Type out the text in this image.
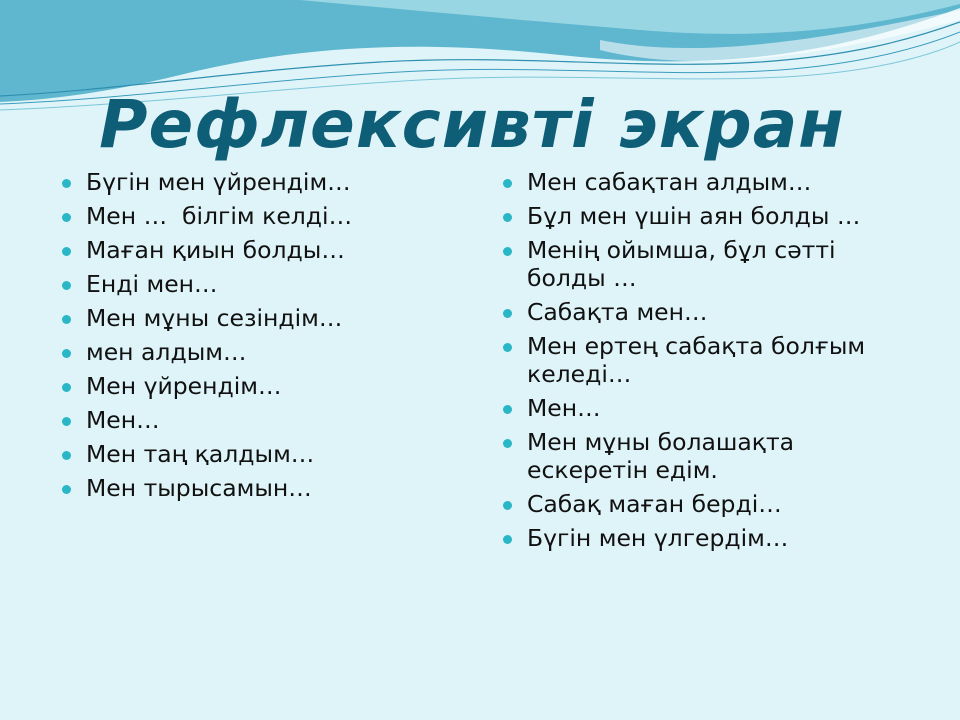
Рефлексивті экран
Бүгін мен үйрендім…
Мен …  білгім келді…
Маған қиын болды…
Енді мен…
Мен мұны сезіндім…
мен алдым…
Мен үйрендім…
Мен…
Мен таң қалдым…
Мен тырысамын…
Мен сабақтан алдым…
Бұл мен үшін аян болды …
Менің ойымша, бұл сәтті болды …
Сабақта мен…
Мен ертең сабақта болғым келеді…
Мен…
Мен мұны болашақта ескеретін едім.
Сабақ маған берді…
Бүгін мен үлгердім…
